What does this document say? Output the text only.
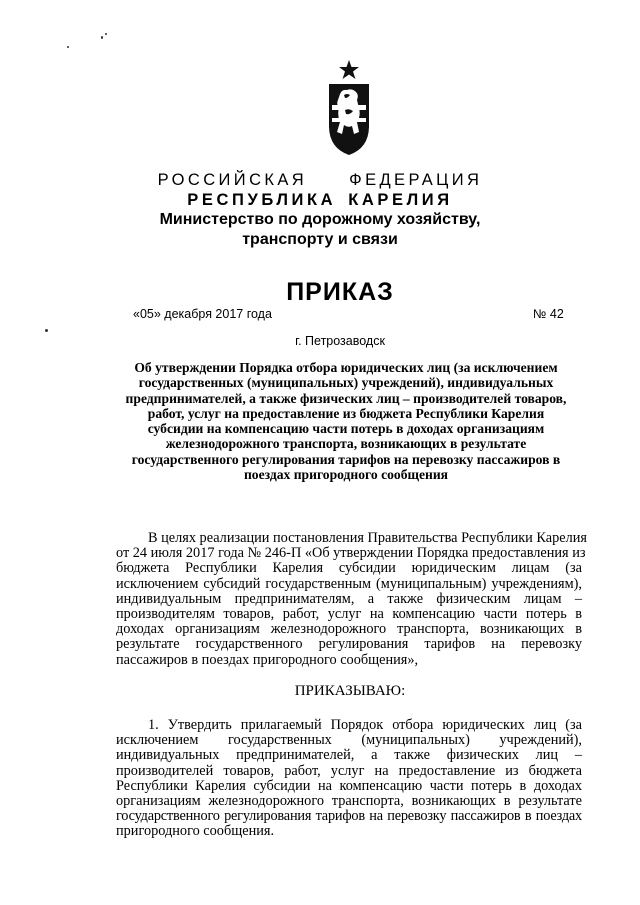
РОССИЙСКАЯ	ФЕДЕРАЦИЯ
РЕСПУБЛИКА КАРЕЛИЯ
Министерство по дорожному хозяйству,
транспорту и связи
ПРИКАЗ
«05» декабря 2017 года	№ 42
г. Петрозаводск
Об утверждении Порядка отбора юридических лиц (за исключением
государственных (муниципальных) учреждений), индивидуальных
предпринимателей, а также физических лиц – производителей товаров,
работ, услуг на предоставление из бюджета Республики Карелия
субсидии на компенсацию части потерь в доходах организациям
железнодорожного транспорта, возникающих в результате
государственного регулирования тарифов на перевозку пассажиров в
поездах пригородного сообщения
В целях реализации постановления Правительства Республики Карелия
от 24 июля 2017 года № 246-П «Об утверждении Порядка предоставления из
бюджета Республики Карелия субсидии юридическим лицам (за
исключением субсидий государственным (муниципальным) учреждениям),
индивидуальным предпринимателям, а также физическим лицам –
производителям товаров, работ, услуг на компенсацию части потерь в
доходах организациям железнодорожного транспорта, возникающих в
результате государственного регулирования тарифов на перевозку
пассажиров в поездах пригородного сообщения»,
ПРИКАЗЫВАЮ:
1. Утвердить прилагаемый Порядок отбора юридических лиц (за
исключением государственных (муниципальных) учреждений),
индивидуальных предпринимателей, а также физических лиц –
производителей товаров, работ, услуг на предоставление из бюджета
Республики Карелия субсидии на компенсацию части потерь в доходах
организациям железнодорожного транспорта, возникающих в результате
государственного регулирования тарифов на перевозку пассажиров в поездах
пригородного сообщения.
